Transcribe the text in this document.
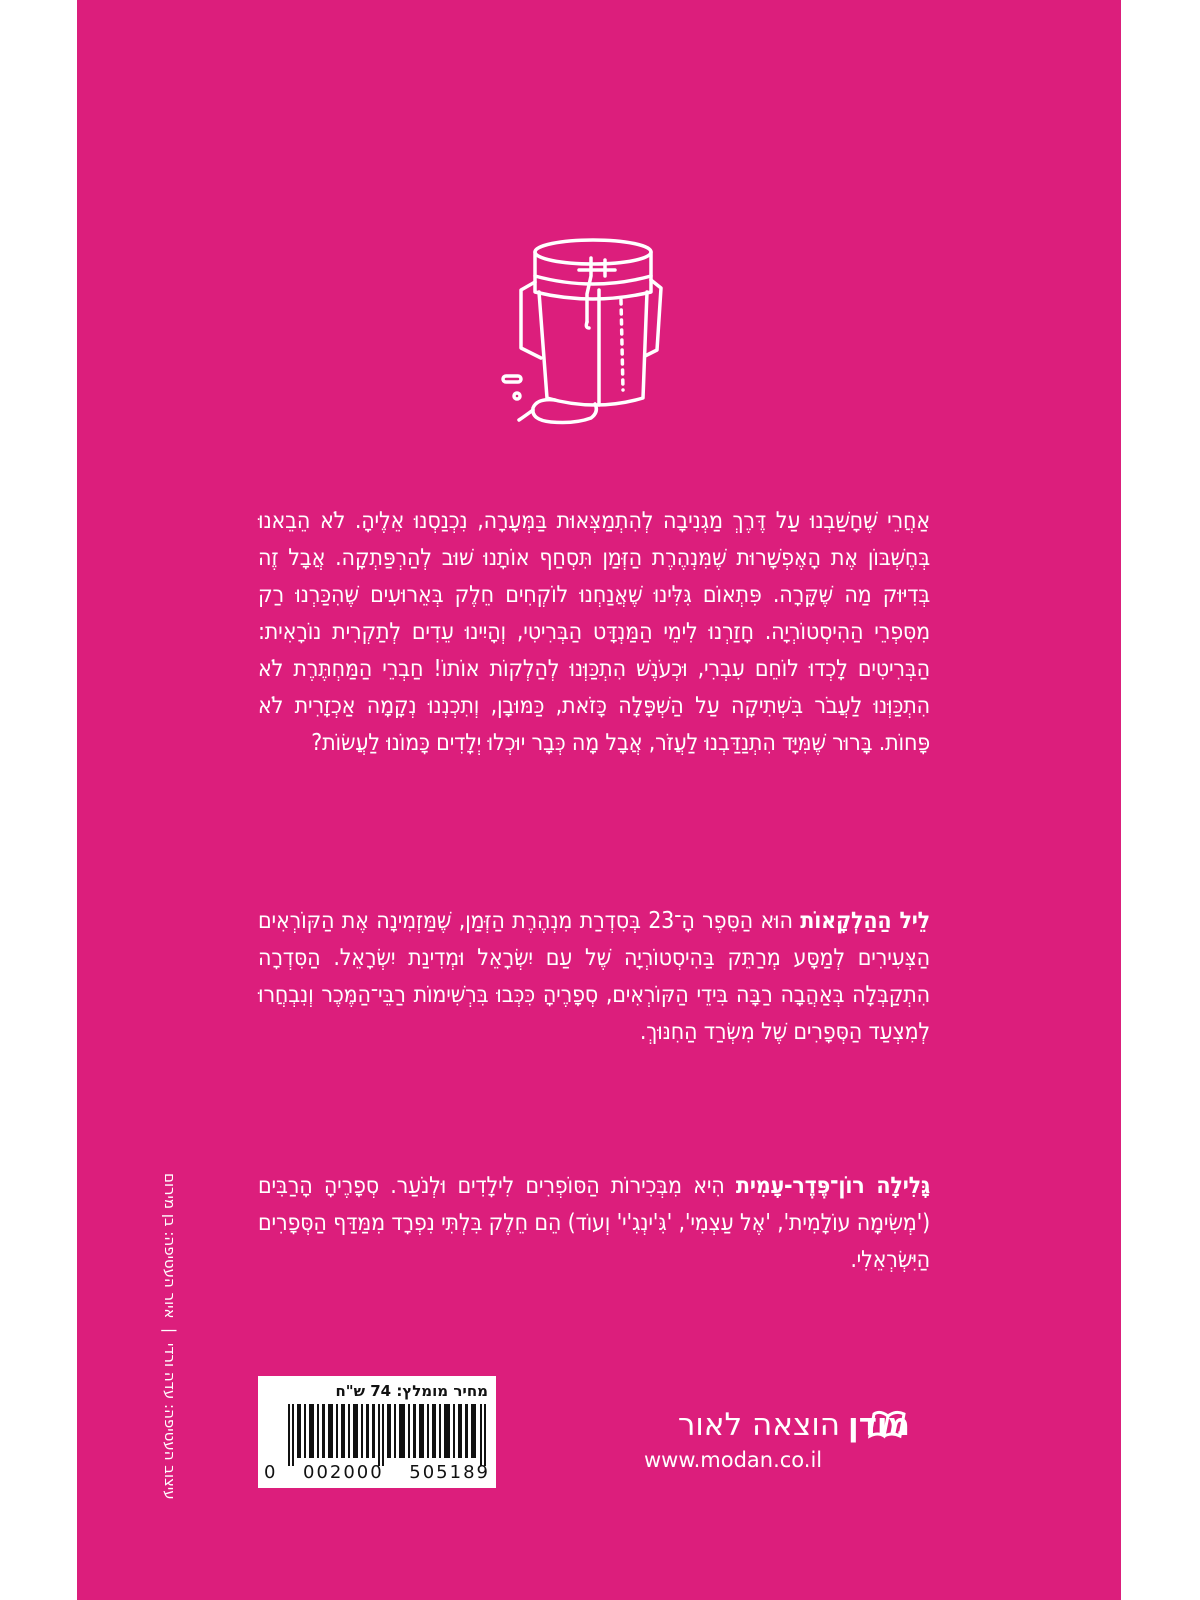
אַחֲרֵי שֶׁחָשַׁבְנוּ עַל דֶּרֶךְ מַגְנִיבָה לְהִתְמַצְּאוּת בַּמְּעָרָה, נִכְנַסְנוּ אֵלֶיהָ. לֹא הֵבֵאנוּ בְּחֶשְׁבּוֹן אֶת הָאֶפְשָׁרוּת שֶׁמִּנְהֶרֶת הַזְּמַן תִּסְחַף אוֹתָנוּ שׁוּב לְהַרְפַּתְקָה. אֲבָל זֶה בְּדִיּוּק מַה שֶּׁקָּרָה. פִּתְאוֹם גִּלִּינוּ שֶׁאֲנַחְנוּ לוֹקְחִים חֵלֶק בְּאֵרוּעִים שֶׁהִכַּרְנוּ רַק מִסִּפְרֵי הַהִיסְטוֹרְיָה. חָזַרְנוּ לִימֵי הַמַּנְדָּט הַבְּרִיטִי, וְהָיִינוּ עֵדִים לְתַקְרִית נוֹרָאִית: הַבְּרִיטִים לָכְדוּ לוֹחֵם עִבְרִי, וּכְעֹנֶשׁ הִתְכַּוְּנוּ לְהַלְקוֹת אוֹתוֹ! חַבְרֵי הַמַּחְתֶּרֶת לֹא הִתְכַּוְּנוּ לַעֲבֹר בִּשְׁתִיקָה עַל הַשְׁפָּלָה כָּזֹאת, כַּמּוּבָן, וְתִכְנְנוּ נְקָמָה אַכְזָרִית לֹא פָּחוֹת. בָּרוּר שֶׁמִּיָּד הִתְנַדַּבְנוּ לַעֲזֹר, אֲבָל מָה כְּבָר יוּכְלוּ יְלָדִים כָּמוֹנוּ לַעֲשׂוֹת?
לֵיל הַהַלְקָאוֹת הוּא הַסֵּפֶר הָ־23 בְּסִדְרַת מִנְהֶרֶת הַזְּמַן, שֶׁמַּזְמִינָה אֶת הַקּוֹרְאִים הַצְּעִירִים לְמַסָּע מְרַתֵּק בַּהִיסְטוֹרְיָה שֶׁל עַם יִשְׂרָאֵל וּמְדִינַת יִשְׂרָאֵל. הַסִּדְרָה הִתְקַבְּלָה בְּאַהֲבָה רַבָּה בִּידֵי הַקּוֹרְאִים, סְפָרֶיהָ כִּכְּבוּ בִּרְשִׁימוֹת רַבֵּי־הַמֶּכֶר וְנִבְחֲרוּ לְמִצְעַד הַסְּפָרִים שֶׁל מִשְׂרַד הַחִנּוּךְ.
גָּלִילָה רוֹן־פֶּדֶר-עָמִית הִיא מִבְּכִירוֹת הַסּוֹפְרִים לִילָדִים וּלְנֹעַר. סְפָרֶיהָ הָרַבִּים ('מְשִׂימָה עוֹלָמִית', 'אֶל עַצְמִי', 'גִּ'ינְגִ'י' וְעוֹד) הֵם חֵלֶק בִּלְתִּי נִפְרָד מִמַּדַּף הַסְּפָרִים הַיִּשְׂרְאֵלִי.
עיצוב העטיפה: עדה ורדי
|
איור העטיפה: בן מירום
מחיר מומלץ: 74 ש"ח
0 002000 505189
מודן
הוצאה לאור
www.modan.co.il
